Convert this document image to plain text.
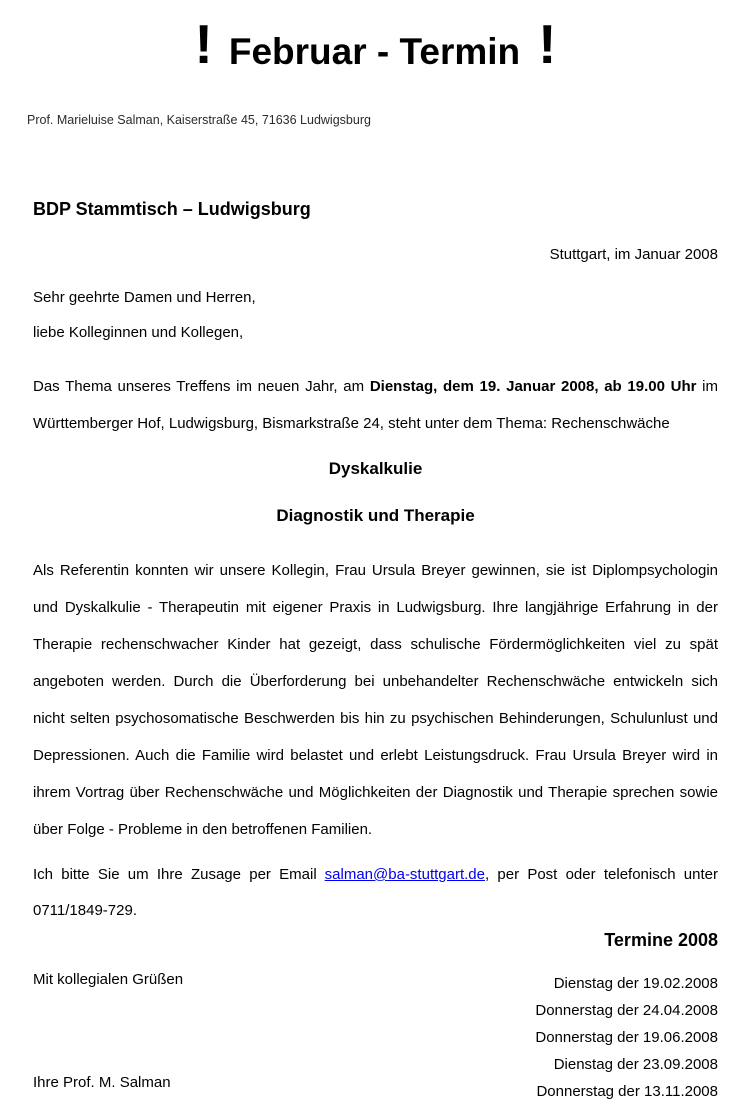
! Februar - Termin !
Prof. Marieluise Salman, Kaiserstraße 45, 71636 Ludwigsburg
BDP Stammtisch – Ludwigsburg
Stuttgart, im Januar 2008
Sehr geehrte Damen und Herren,
liebe Kolleginnen und Kollegen,

Das Thema unseres Treffens im neuen Jahr, am Dienstag, dem 19. Januar 2008, ab 19.00 Uhr im Württemberger Hof, Ludwigsburg, Bismarkstraße 24, steht unter dem Thema: Rechenschwäche

Dyskalkulie
Diagnostik und Therapie

Als Referentin konnten wir unsere Kollegin, Frau Ursula Breyer gewinnen, sie ist Diplompsychologin und Dyskalkulie - Therapeutin mit eigener Praxis in Ludwigsburg. Ihre langjährige Erfahrung in der Therapie rechenschwacher Kinder hat gezeigt, dass schulische Fördermöglichkeiten viel zu spät angeboten werden. Durch die Überforderung bei unbehandelter Rechenschwäche entwickeln sich nicht selten psychosomatische Beschwerden bis hin zu psychischen Behinderungen, Schulunlust und Depressionen. Auch die Familie wird belastet und erlebt Leistungsdruck. Frau Ursula Breyer wird in ihrem Vortrag über Rechenschwäche und Möglichkeiten der Diagnostik und Therapie sprechen sowie über Folge - Probleme in den betroffenen Familien.

Ich bitte Sie um Ihre Zusage per Email salman@ba-stuttgart.de, per Post oder telefonisch unter 0711/1849-729.

Termine 2008
Mit kollegialen Grüßen
Ihre Prof. M. Salman
Dienstag der 19.02.2008
Donnerstag der 24.04.2008
Donnerstag der 19.06.2008
Dienstag der 23.09.2008
Donnerstag der 13.11.2008
